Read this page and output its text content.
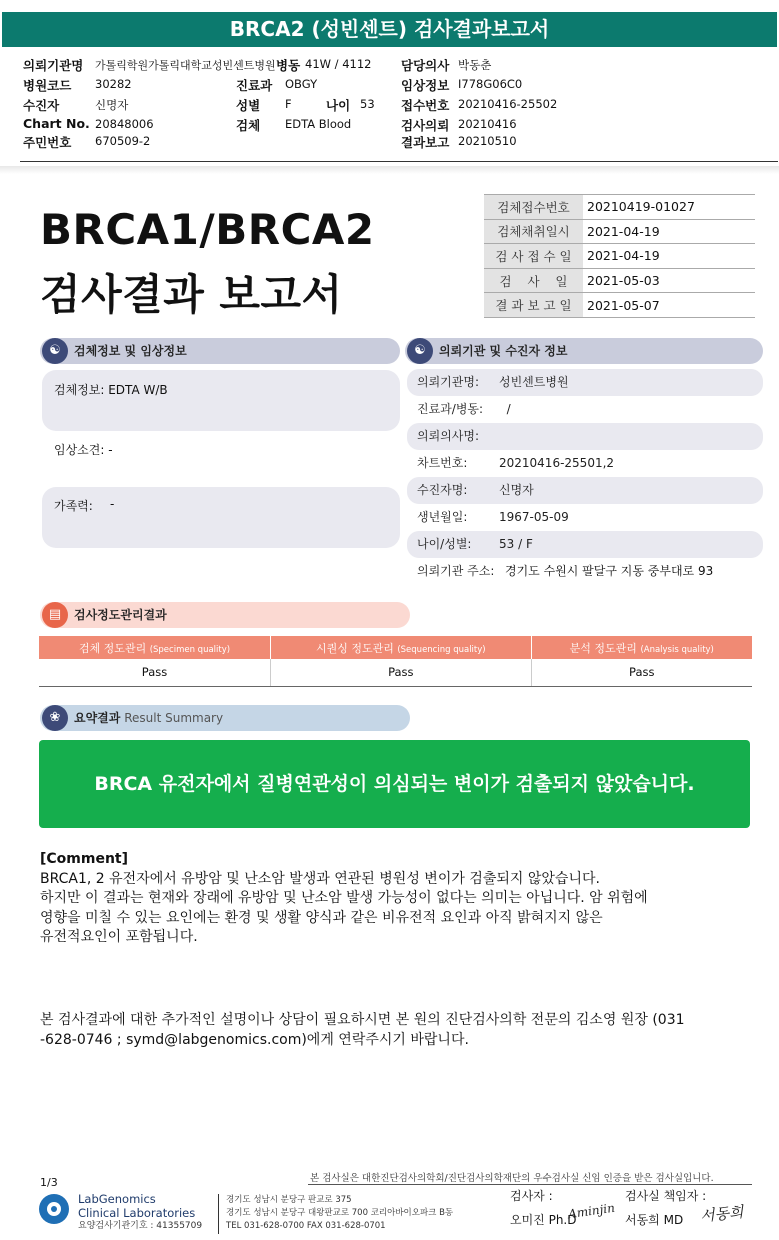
BRCA2 (성빈센트) 검사결과보고서
의뢰기관명 가톨릭학원가톨릭대학교성빈센트병원 병동 41W / 4112 담당의사 박동춘
병원코드 30282	진료과 OBGY	임상정보 I778G06C0
수진자	신명자	성별 F	나이 53 접수번호 20210416-25502
Chart No. 20848006	검체 EDTA Blood	검사의뢰 20210416
주민번호 670509-2	결과보고 20210510
BRCA1/BRCA2
검사결과 보고서
검체접수번호	20210419-01027
검체채취일시	2021-04-19
검 사 접 수 일	2021-04-19
검    사    일	2021-05-03
결 과 보 고 일	2021-05-07
☯	검체정보 및 임상정보
검체정보: EDTA W/B
임상소견: -
가족력: -
☯	의뢰기관 및 수진자 정보
의뢰기관명: 성빈센트병원
진료과/병동: /
의뢰의사명:
차트번호:	20210416-25501,2
수진자명:	신명자
생년월일:	1967-05-09
나이/성별: 53 / F
의뢰기관 주소: 경기도 수원시 팔달구 지동 중부대로 93
▤	검사정도관리결과
검체 정도관리 (Specimen quality)	시퀀싱 정도관리 (Sequencing quality)	분석 정도관리 (Analysis quality)
Pass	Pass	Pass
❀	요약결과 Result Summary
BRCA 유전자에서 질병연관성이 의심되는 변이가 검출되지 않았습니다.
[Comment]
BRCA1, 2 유전자에서 유방암 및 난소암 발생과 연관된 병원성 변이가 검출되지 않았습니다.
하지만 이 결과는 현재와 장래에 유방암 및 난소암 발생 가능성이 없다는 의미는 아닙니다. 암 위험에
영향을 미칠 수 있는 요인에는 환경 및 생활 양식과 같은 비유전적 요인과 아직 밝혀지지 않은
유전적요인이 포함됩니다.
본 검사결과에 대한 추가적인 설명이나 상담이 필요하시면 본 원의 진단검사의학 전문의 김소영 원장 (031
-628-0746 ; symd@labgenomics.com)에게 연락주시기 바랍니다.
본 검사실은 대한진단검사의학회/진단검사의학재단의 우수검사실 신임 인증을 받은 검사실입니다.
1/3
LabGenomics
Clinical Laboratories
요양검사기관기호 : 41355709
경기도 성남시 분당구 판교로 375
경기도 성남시 분당구 대왕판교로 700 코리아바이오파크 B동
TEL 031-628-0700 FAX 031-628-0701
검사자 :
오미진 Ph.D
Aminjin
검사실 책임자 :
서동희 MD 서동희
